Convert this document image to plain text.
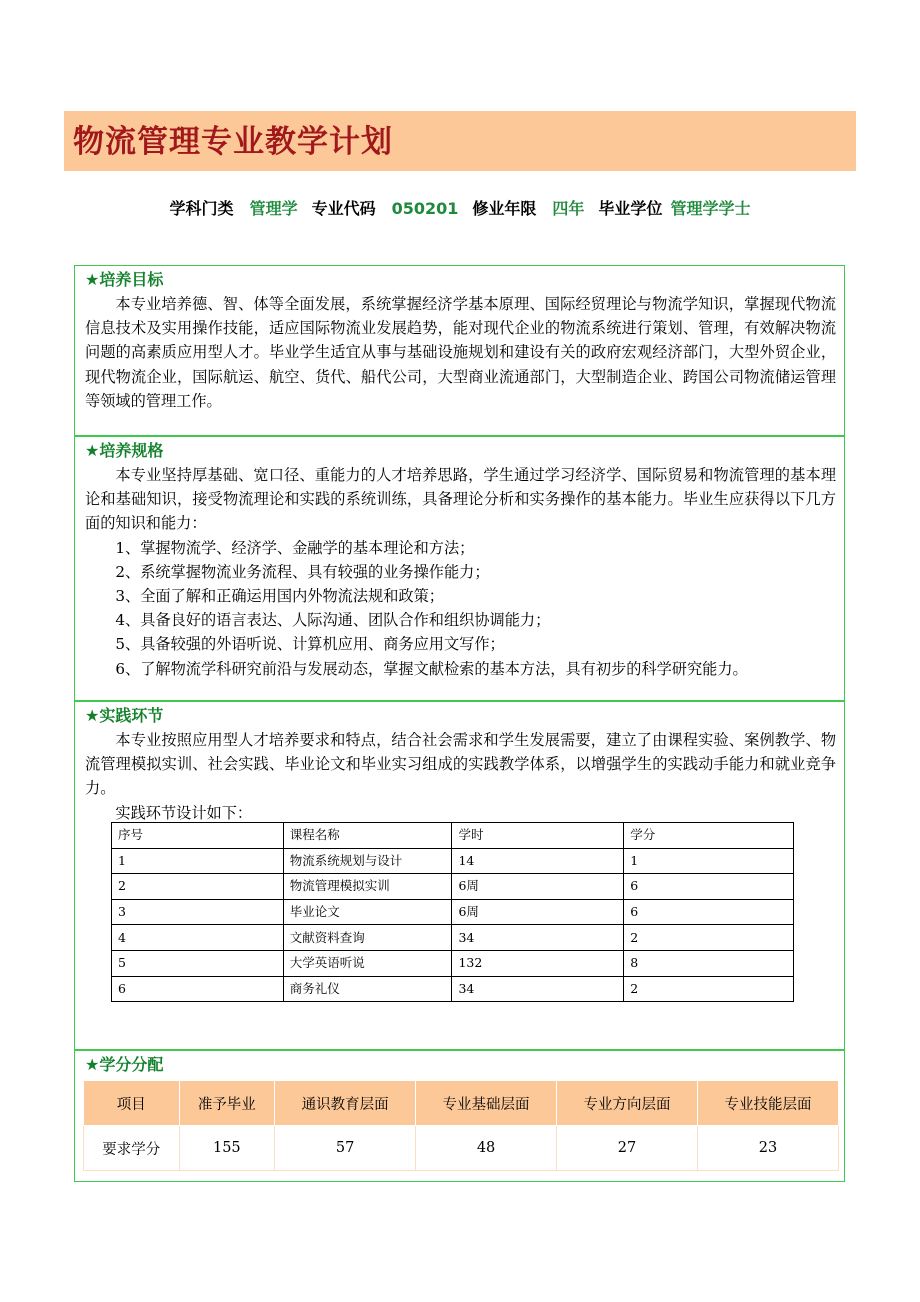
物流管理专业教学计划
学科门类 管理学 专业代码 050201 修业年限 四年 毕业学位 管理学学士
★培养目标

本专业培养德、智、体等全面发展，系统掌握经济学基本原理、国际经贸理论与物流学知识，掌握现代物流信息技术及实用操作技能，适应国际物流业发展趋势，能对现代企业的物流系统进行策划、管理，有效解决物流问题的高素质应用型人才。毕业学生适宜从事与基础设施规划和建设有关的政府宏观经济部门，大型外贸企业，现代物流企业，国际航运、航空、货代、船代公司，大型商业流通部门，大型制造企业、跨国公司物流储运管理等领域的管理工作。

★培养规格

本专业坚持厚基础、宽口径、重能力的人才培养思路，学生通过学习经济学、国际贸易和物流管理的基本理论和基础知识，接受物流理论和实践的系统训练，具备理论分析和实务操作的基本能力。毕业生应获得以下几方面的知识和能力：

1、掌握物流学、经济学、金融学的基本理论和方法；

2、系统掌握物流业务流程、具有较强的业务操作能力；

3、全面了解和正确运用国内外物流法规和政策；

4、具备良好的语言表达、人际沟通、团队合作和组织协调能力；

5、具备较强的外语听说、计算机应用、商务应用文写作；

6、了解物流学科研究前沿与发展动态，掌握文献检索的基本方法，具有初步的科学研究能力。

★实践环节

本专业按照应用型人才培养要求和特点，结合社会需求和学生发展需要，建立了由课程实验、案例教学、物流管理模拟实训、社会实践、毕业论文和毕业实习组成的实践教学体系，以增强学生的实践动手能力和就业竞争力。

实践环节设计如下：

序号	课程名称	学时	学分
1	物流系统规划与设计	14	1
2	物流管理模拟实训	6周	6
3	毕业论文	6周	6
4	文献资料查询	34	2
5	大学英语听说	132	8
6	商务礼仪	34	2
★学分分配
项目	准予毕业	通识教育层面	专业基础层面	专业方向层面	专业技能层面
要求学分	155	57	48	27	23
